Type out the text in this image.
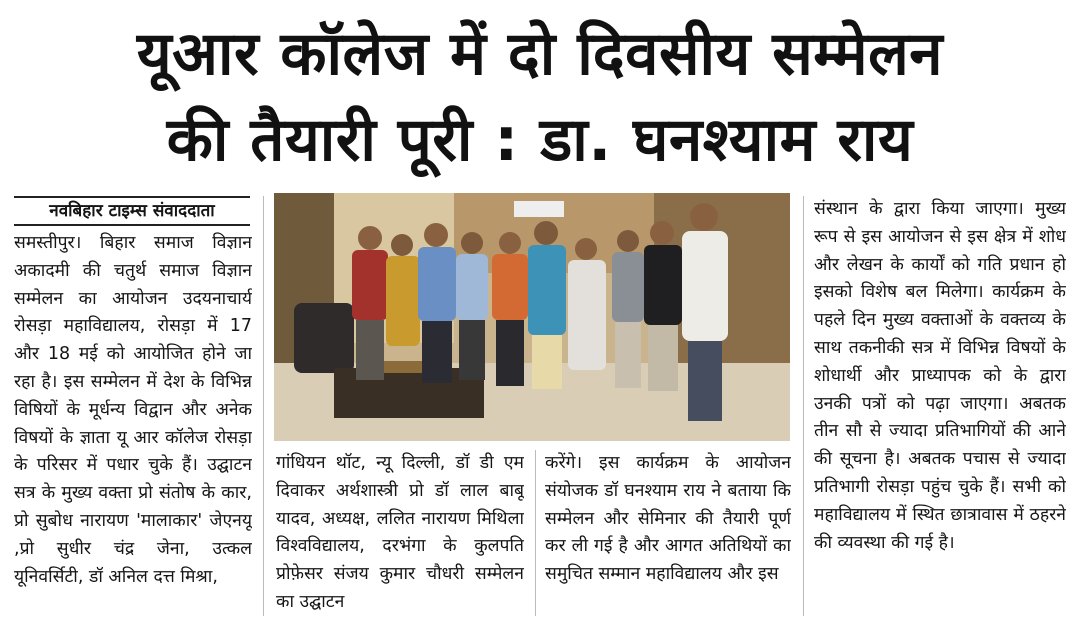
यूआर कॉलेज में दो दिवसीय सम्मेलन
की तैयारी पूरी : डा. घनश्याम राय
नवबिहार टाइम्स संवाददाता
समस्तीपुर। बिहार समाज विज्ञान अकादमी की चतुर्थ समाज विज्ञान सम्मेलन का आयोजन उदयनाचार्य रोसड़ा महाविद्यालय, रोसड़ा में 17 और 18 मई को आयोजित होने जा रहा है। इस सम्मेलन में देश के विभिन्न विषियों के मूर्धन्य विद्वान और अनेक विषयों के ज्ञाता यू आर कॉलेज रोसड़ा के परिसर में पधार चुके हैं। उद्घाटन सत्र के मुख्य वक्ता प्रो संतोष के कार, प्रो सुबोध नारायण 'मालाकार' जेएनयू ,प्रो सुधीर चंद्र जेना, उत्कल यूनिवर्सिटी, डॉ अनिल दत्त मिश्रा,
गांधियन थॉट, न्यू दिल्ली, डॉ डी एम दिवाकर अर्थशास्त्री प्रो डॉ लाल बाबू यादव, अध्यक्ष, ललित नारायण मिथिला विश्वविद्यालय, दरभंगा के कुलपति प्रोफ़ेसर संजय कुमार चौधरी सम्मेलन का उद्घाटन
करेंगे। इस कार्यक्रम के आयोजन संयोजक डॉ घनश्याम राय ने बताया कि सम्मेलन और सेमिनार की तैयारी पूर्ण कर ली गई है और आगत अतिथियों का समुचित सम्मान महाविद्यालय और इस
संस्थान के द्वारा किया जाएगा। मुख्य रूप से इस आयोजन से इस क्षेत्र में शोध और लेखन के कार्यों को गति प्रधान हो इसको विशेष बल मिलेगा। कार्यक्रम के पहले दिन मुख्य वक्ताओं के वक्तव्य के साथ तकनीकी सत्र में विभिन्न विषयों के शोधार्थी और प्राध्यापक को के द्वारा उनकी पत्रों को पढ़ा जाएगा। अबतक तीन सौ से ज्यादा प्रतिभागियों की आने की सूचना है। अबतक पचास से ज्यादा प्रतिभागी रोसड़ा पहुंच चुके हैं। सभी को महाविद्यालय में स्थित छात्रावास में ठहरने की व्यवस्था की गई है।
